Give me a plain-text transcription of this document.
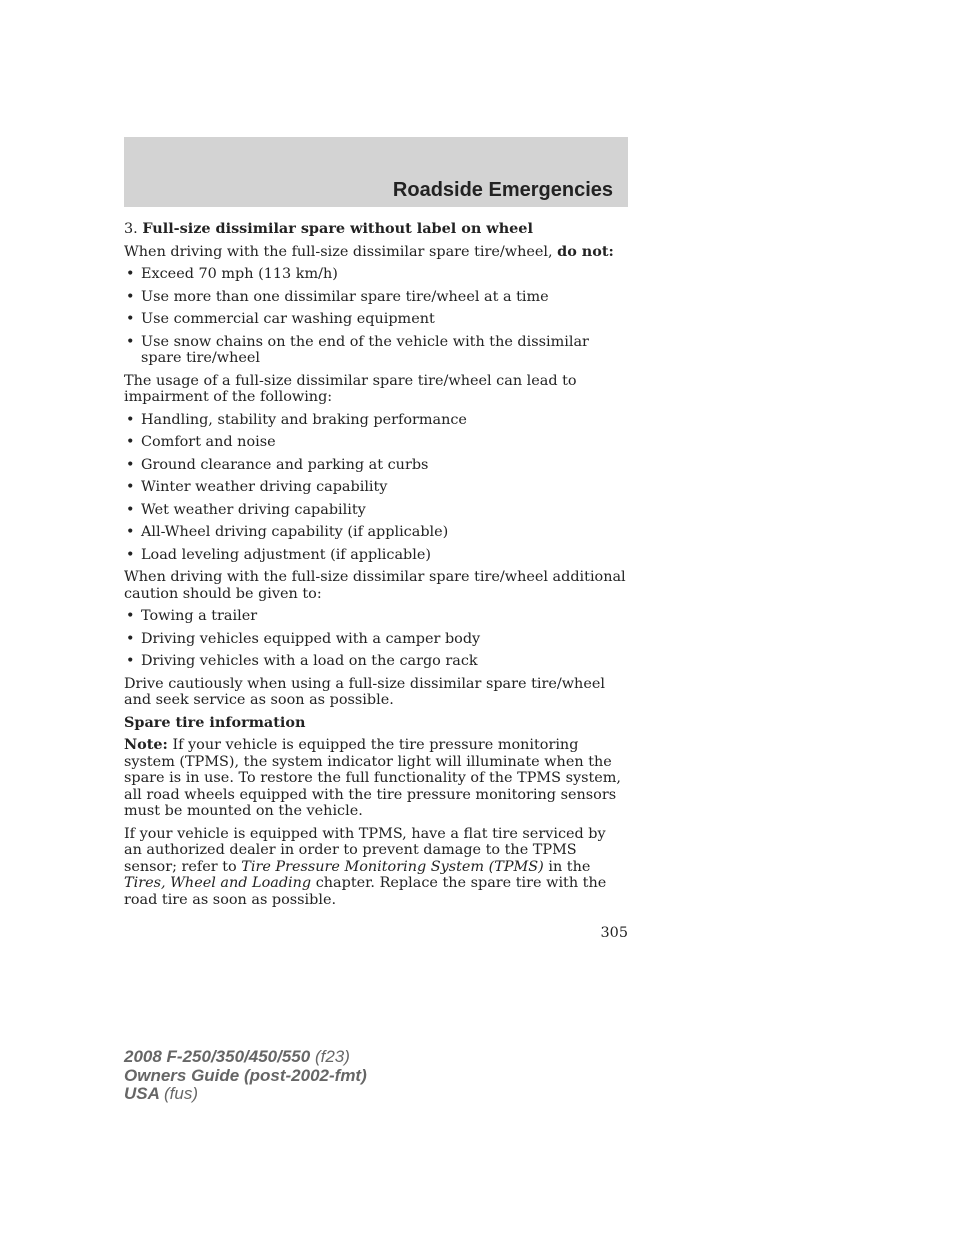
Roadside Emergencies

3. Full-size dissimilar spare without label on wheel

When driving with the full-size dissimilar spare tire/wheel, do not:

• Exceed 70 mph (113 km/h)
• Use more than one dissimilar spare tire/wheel at a time
• Use commercial car washing equipment
• Use snow chains on the end of the vehicle with the dissimilar spare tire/wheel

The usage of a full-size dissimilar spare tire/wheel can lead to impairment of the following:

• Handling, stability and braking performance
• Comfort and noise
• Ground clearance and parking at curbs
• Winter weather driving capability
• Wet weather driving capability
• All-Wheel driving capability (if applicable)
• Load leveling adjustment (if applicable)

When driving with the full-size dissimilar spare tire/wheel additional caution should be given to:

• Towing a trailer
• Driving vehicles equipped with a camper body
• Driving vehicles with a load on the cargo rack

Drive cautiously when using a full-size dissimilar spare tire/wheel and seek service as soon as possible.

Spare tire information

Note: If your vehicle is equipped the tire pressure monitoring system (TPMS), the system indicator light will illuminate when the spare is in use. To restore the full functionality of the TPMS system, all road wheels equipped with the tire pressure monitoring sensors must be mounted on the vehicle.

If your vehicle is equipped with TPMS, have a flat tire serviced by an authorized dealer in order to prevent damage to the TPMS sensor; refer to Tire Pressure Monitoring System (TPMS) in the Tires, Wheel and Loading chapter. Replace the spare tire with the road tire as soon as possible.

305
2008 F-250/350/450/550 (f23)
Owners Guide (post-2002-fmt)
USA (fus)
